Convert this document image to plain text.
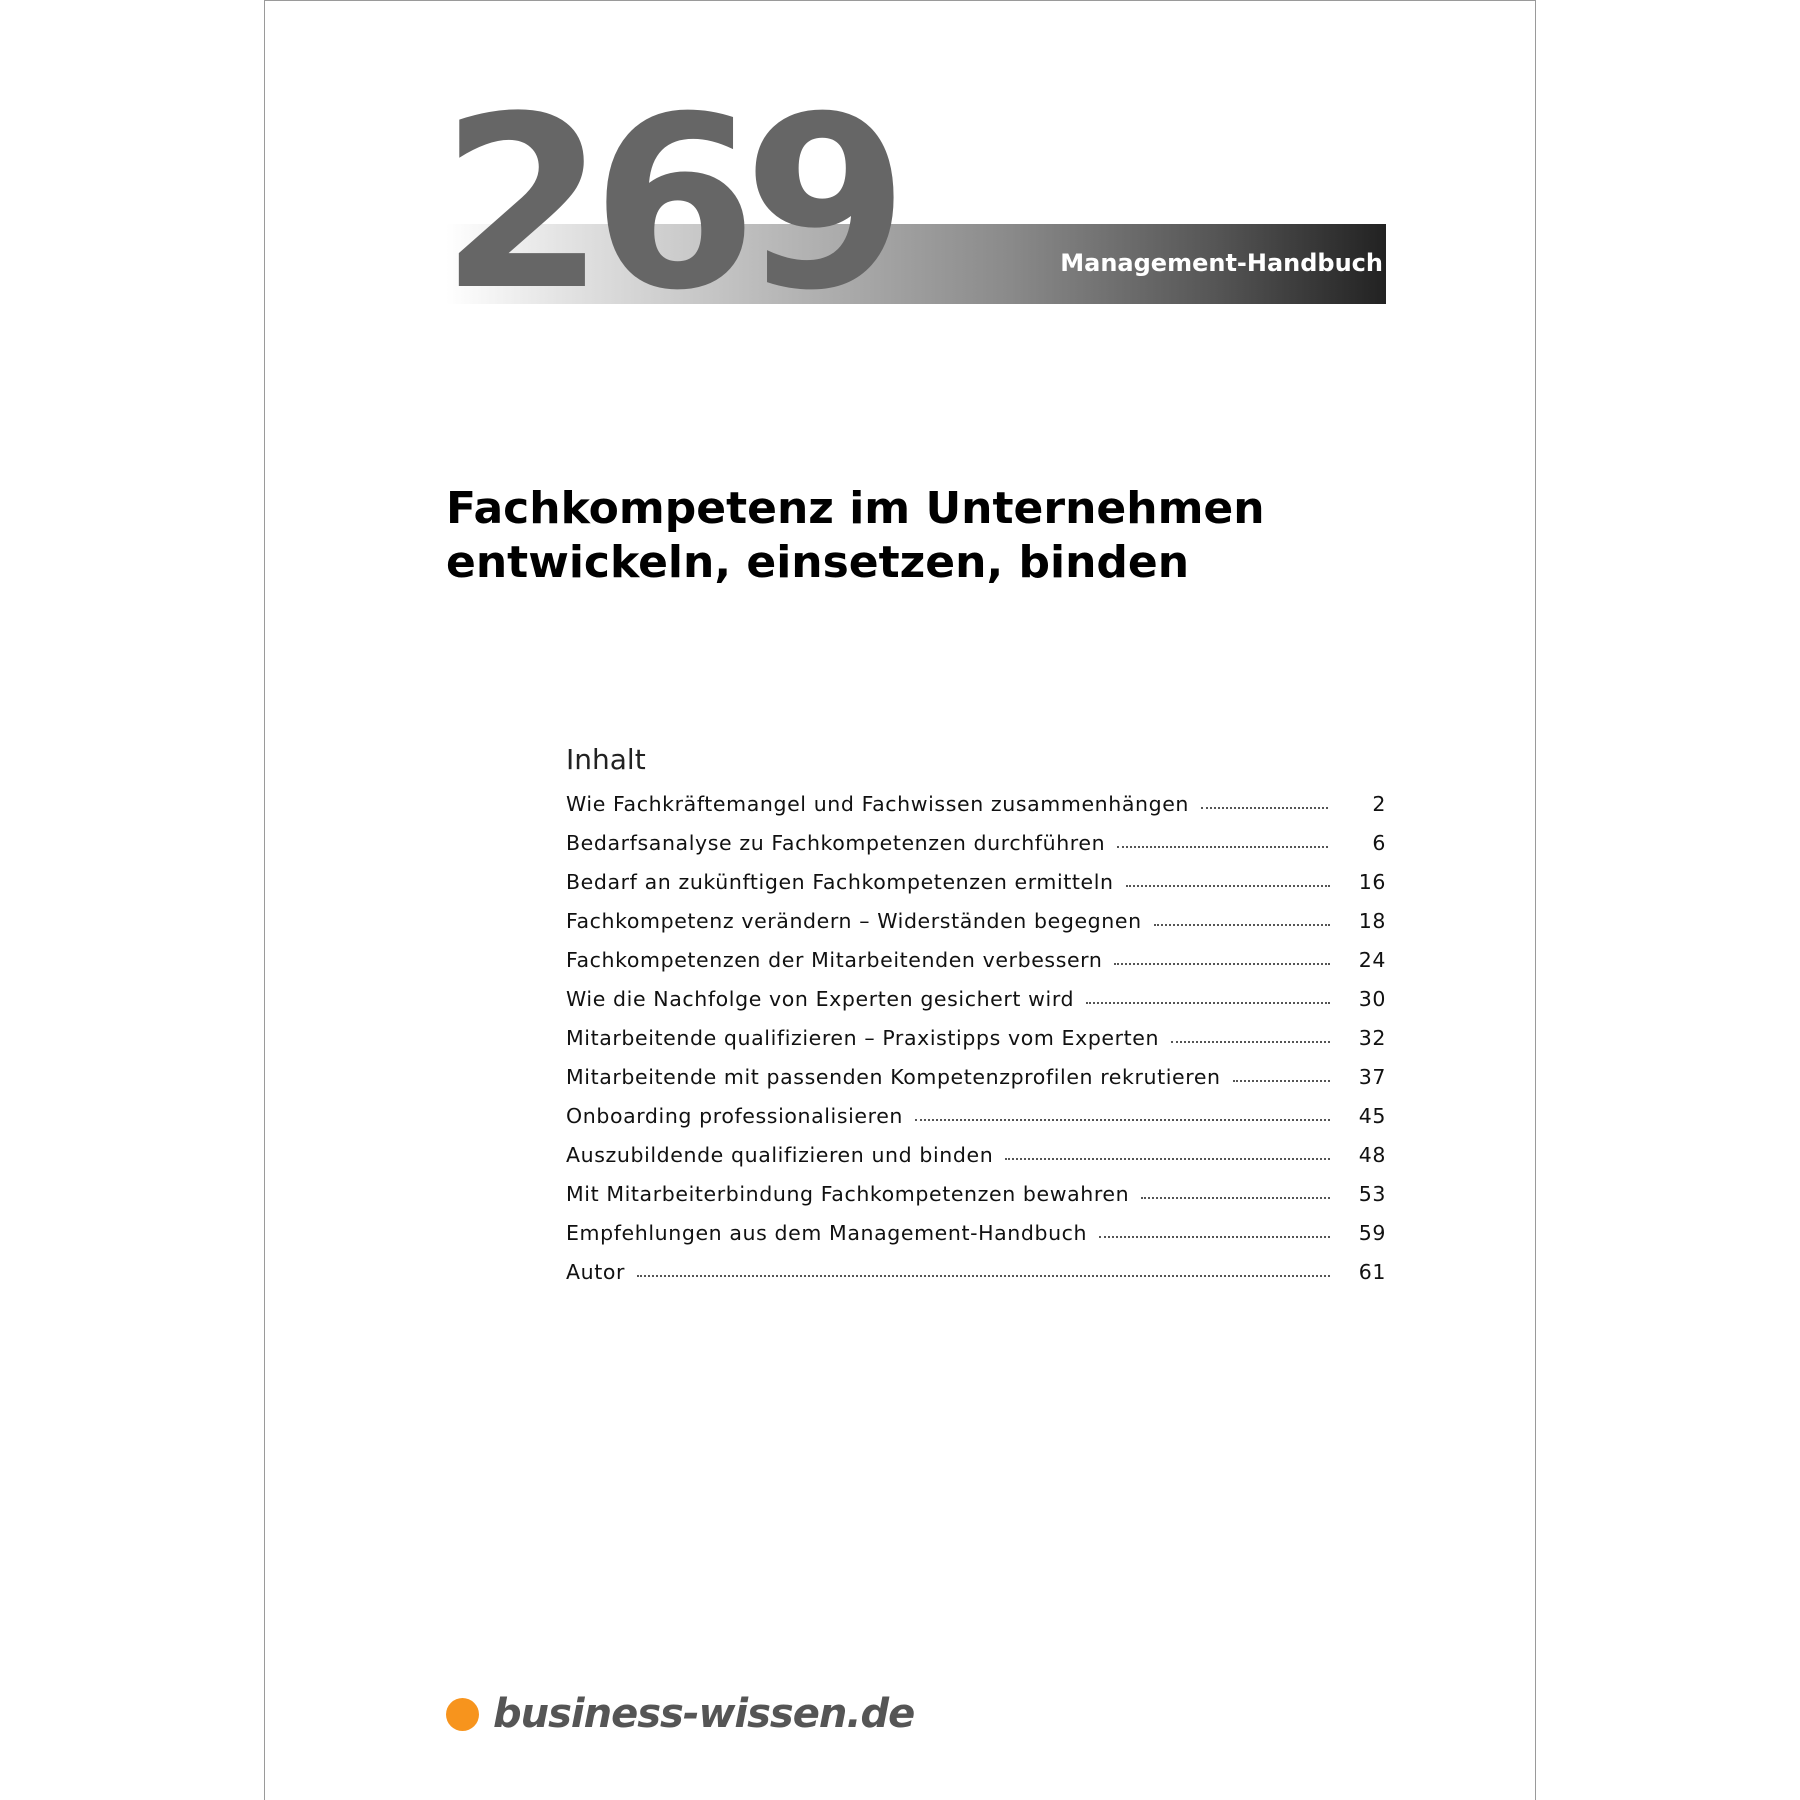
269	Management-Handbuch
Fachkompetenz im Unternehmen
entwickeln, einsetzen, binden
Inhalt
Wie Fachkräftemangel und Fachwissen zusammenhängen	2
Bedarfsanalyse zu Fachkompetenzen durchführen	6
Bedarf an zukünftigen Fachkompetenzen ermitteln	16
Fachkompetenz verändern – Widerständen begegnen	18
Fachkompetenzen der Mitarbeitenden verbessern	24
Wie die Nachfolge von Experten gesichert wird	30
Mitarbeitende qualifizieren – Praxistipps vom Experten	32
Mitarbeitende mit passenden Kompetenzprofilen rekrutieren	37
Onboarding professionalisieren	45
Auszubildende qualifizieren und binden	48
Mit Mitarbeiterbindung Fachkompetenzen bewahren	53
Empfehlungen aus dem Management-Handbuch	59
Autor	61
business-wissen.de
